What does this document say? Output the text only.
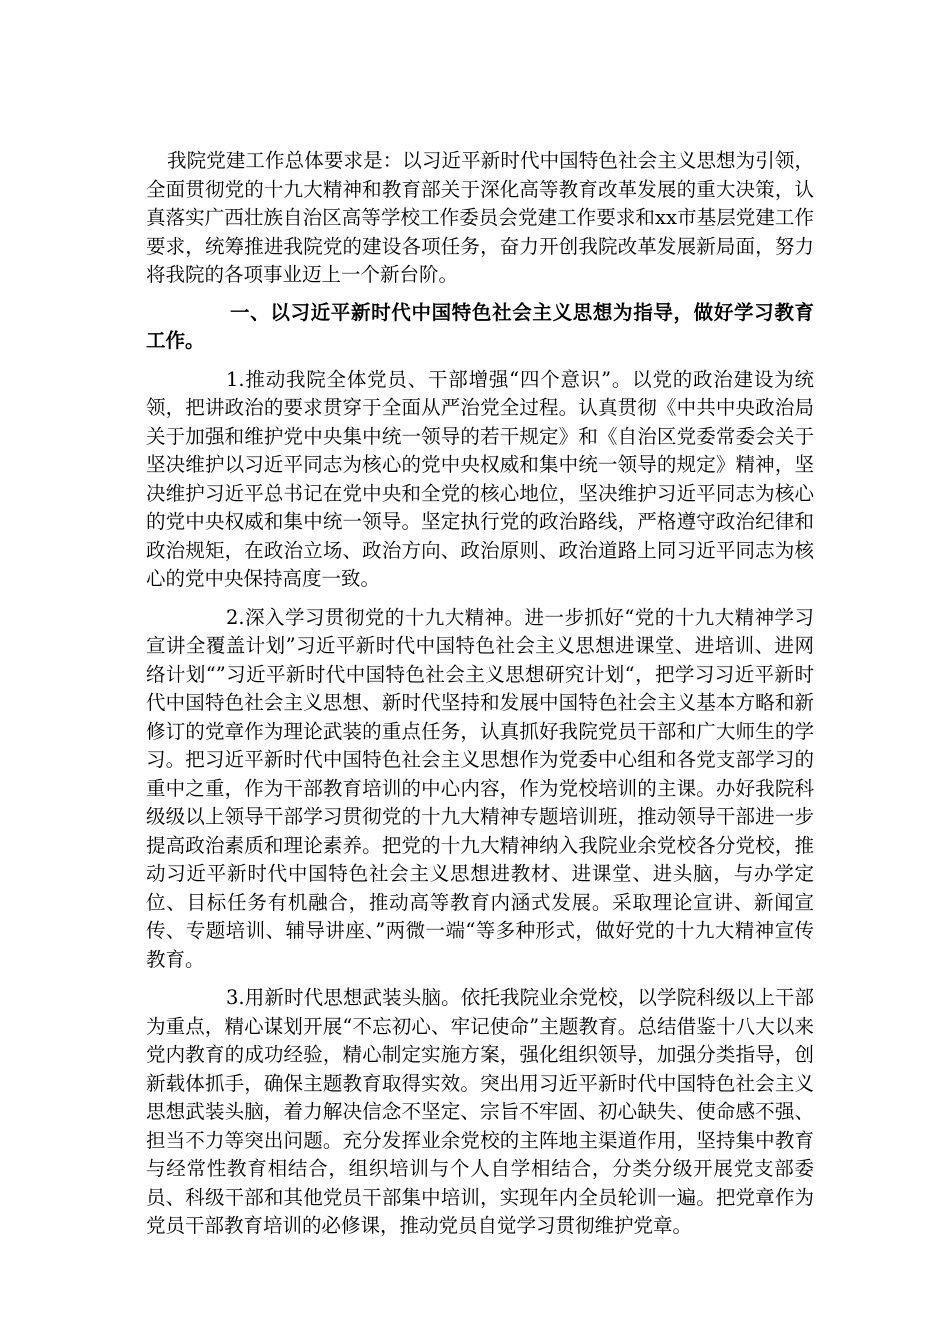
我院党建工作总体要求是：以习近平新时代中国特色社会主义思想为引领，全面贯彻党的十九大精神和教育部关于深化高等教育改革发展的重大决策，认真落实广西壮族自治区高等学校工作委员会党建工作要求和xx市基层党建工作要求，统筹推进我院党的建设各项任务，奋力开创我院改革发展新局面，努力将我院的各项事业迈上一个新台阶。

一、以习近平新时代中国特色社会主义思想为指导，做好学习教育工作。

1.推动我院全体党员、干部增强“四个意识”。以党的政治建设为统领，把讲政治的要求贯穿于全面从严治党全过程。认真贯彻《中共中央政治局关于加强和维护党中央集中统一领导的若干规定》和《自治区党委常委会关于坚决维护以习近平同志为核心的党中央权威和集中统一领导的规定》精神，坚决维护习近平总书记在党中央和全党的核心地位，坚决维护习近平同志为核心的党中央权威和集中统一领导。坚定执行党的政治路线，严格遵守政治纪律和政治规矩，在政治立场、政治方向、政治原则、政治道路上同习近平同志为核心的党中央保持高度一致。

2.深入学习贯彻党的十九大精神。进一步抓好“党的十九大精神学习宣讲全覆盖计划”习近平新时代中国特色社会主义思想进课堂、进培训、进网络计划“”习近平新时代中国特色社会主义思想研究计划“，把学习习近平新时代中国特色社会主义思想、新时代坚持和发展中国特色社会主义基本方略和新修订的党章作为理论武装的重点任务，认真抓好我院党员干部和广大师生的学习。把习近平新时代中国特色社会主义思想作为党委中心组和各党支部学习的重中之重，作为干部教育培训的中心内容，作为党校培训的主课。办好我院科级级以上领导干部学习贯彻党的十九大精神专题培训班，推动领导干部进一步提高政治素质和理论素养。把党的十九大精神纳入我院业余党校各分党校，推动习近平新时代中国特色社会主义思想进教材、进课堂、进头脑，与办学定位、目标任务有机融合，推动高等教育内涵式发展。采取理论宣讲、新闻宣传、专题培训、辅导讲座、”两微一端“等多种形式，做好党的十九大精神宣传教育。

3.用新时代思想武装头脑。依托我院业余党校，以学院科级以上干部为重点，精心谋划开展“不忘初心、牢记使命”主题教育。总结借鉴十八大以来党内教育的成功经验，精心制定实施方案，强化组织领导，加强分类指导，创新载体抓手，确保主题教育取得实效。突出用习近平新时代中国特色社会主义思想武装头脑，着力解决信念不坚定、宗旨不牢固、初心缺失、使命感不强、担当不力等突出问题。充分发挥业余党校的主阵地主渠道作用，坚持集中教育与经常性教育相结合，组织培训与个人自学相结合，分类分级开展党支部委员、科级干部和其他党员干部集中培训，实现年内全员轮训一遍。把党章作为党员干部教育培训的必修课，推动党员自觉学习贯彻维护党章。
